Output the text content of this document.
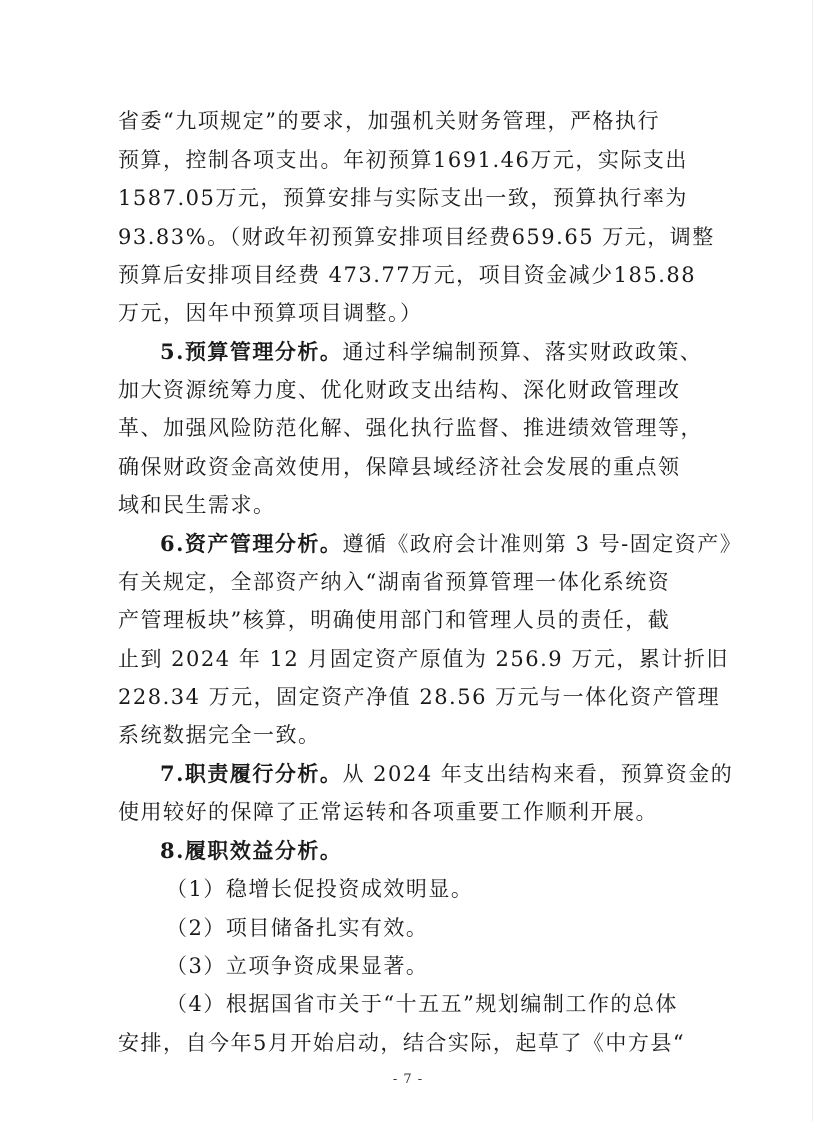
省委“九项规定”的要求，加强机关财务管理，严格执行
预算，控制各项支出。年初预算1691.46万元，实际支出
1587.05万元，预算安排与实际支出一致，预算执行率为
93.83%。（财政年初预算安排项目经费659.65 万元，调整
预算后安排项目经费 473.77万元，项目资金减少185.88
万元，因年中预算项目调整。）
5.预算管理分析。通过科学编制预算、落实财政政策、
加大资源统筹力度、优化财政支出结构、深化财政管理改
革、加强风险防范化解、强化执行监督、推进绩效管理等，
确保财政资金高效使用，保障县域经济社会发展的重点领
域和民生需求。
6.资产管理分析。遵循《政府会计准则第 3 号-固定资产》
有关规定，全部资产纳入“湖南省预算管理一体化系统资
产管理板块”核算，明确使用部门和管理人员的责任，截
止到 2024 年 12 月固定资产原值为 256.9 万元，累计折旧
228.34 万元，固定资产净值 28.56 万元与一体化资产管理
系统数据完全一致。
7.职责履行分析。从 2024 年支出结构来看，预算资金的
使用较好的保障了正常运转和各项重要工作顺利开展。
8.履职效益分析。
（1）稳增长促投资成效明显。
（2）项目储备扎实有效。
（3）立项争资成果显著。
（4）根据国省市关于“十五五”规划编制工作的总体
安排，自今年5月开始启动，结合实际，起草了《中方县“
- 7 -
